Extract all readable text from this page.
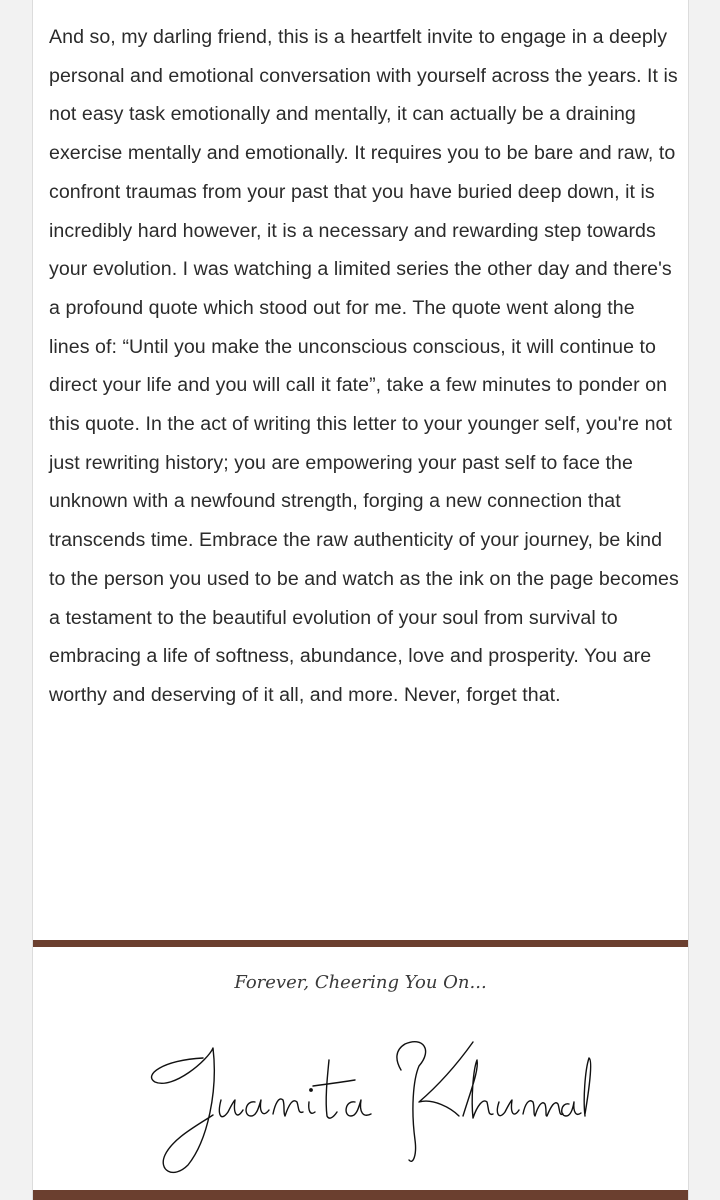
And so, my darling friend, this is a heartfelt invite to engage in a deeply personal and emotional conversation with yourself across the years. It is not easy task emotionally and mentally, it can actually be a draining exercise mentally and emotionally. It requires you to be bare and raw, to confront traumas from your past that you have buried deep down, it is incredibly hard however, it is a necessary and rewarding step towards your evolution. I was watching a limited series the other day and there's a profound quote which stood out for me. The quote went along the lines of: “Until you make the unconscious conscious, it will continue to direct your life and you will call it fate”, take a few minutes to ponder on this quote. In the act of writing this letter to your younger self, you're not just rewriting history; you are empowering your past self to face the unknown with a newfound strength, forging a new connection that transcends time. Embrace the raw authenticity of your journey, be kind to the person you used to be and watch as the ink on the page becomes a testament to the beautiful evolution of your soul from survival to embracing a life of softness, abundance, love and prosperity. You are worthy and deserving of it all, and more. Never, forget that.

Forever, Cheering You On...
